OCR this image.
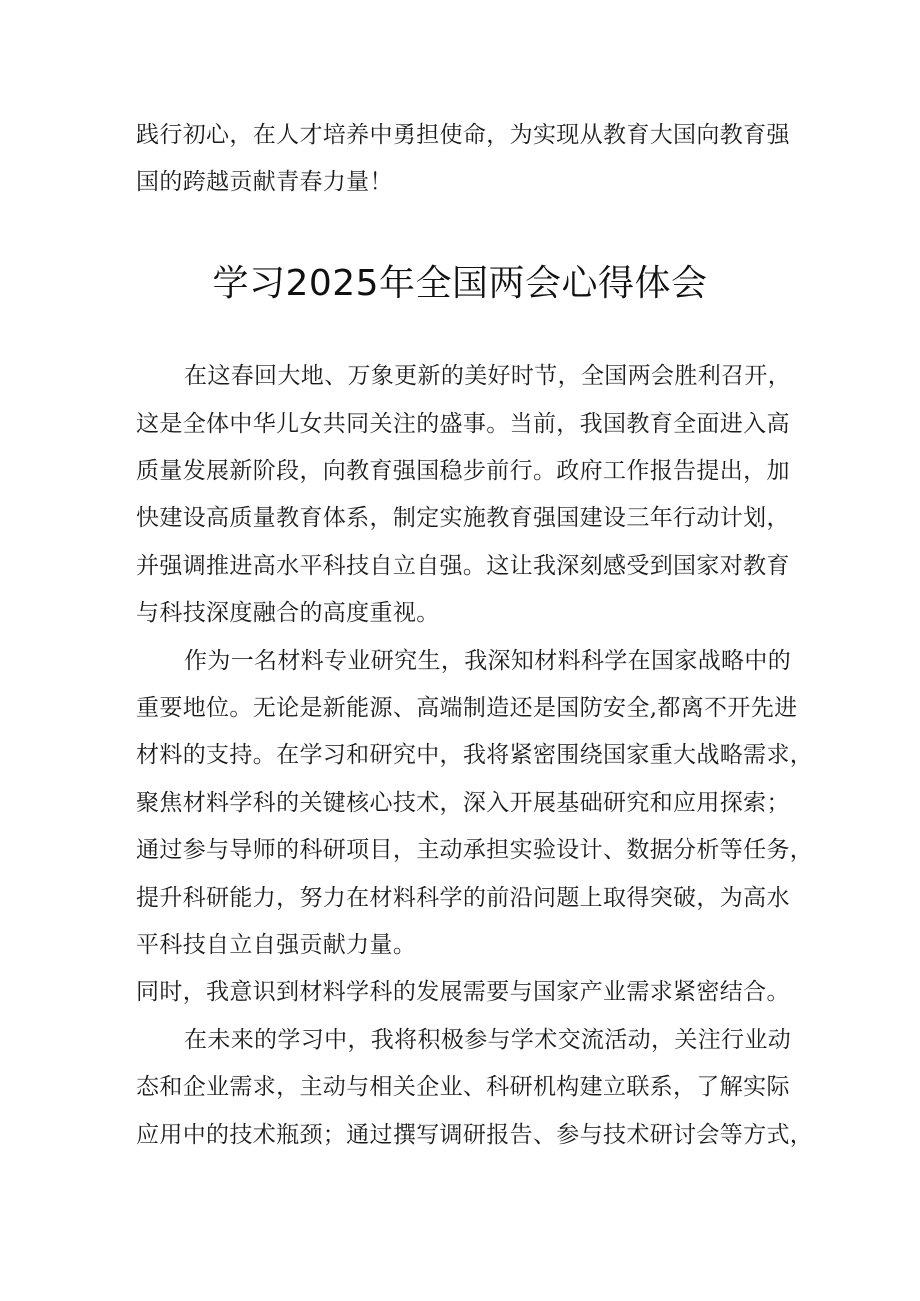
践行初心，在人才培养中勇担使命，为实现从教育大国向教育强
国的跨越贡献青春力量！
学习2025年全国两会心得体会
在这春回大地、万象更新的美好时节，全国两会胜利召开，
这是全体中华儿女共同关注的盛事。当前，我国教育全面进入高
质量发展新阶段，向教育强国稳步前行。政府工作报告提出，加
快建设高质量教育体系，制定实施教育强国建设三年行动计划，
并强调推进高水平科技自立自强。这让我深刻感受到国家对教育
与科技深度融合的高度重视。
作为一名材料专业研究生，我深知材料科学在国家战略中的
重要地位。无论是新能源、高端制造还是国防安全,都离不开先进
材料的支持。在学习和研究中，我将紧密围绕国家重大战略需求，
聚焦材料学科的关键核心技术，深入开展基础研究和应用探索；
通过参与导师的科研项目，主动承担实验设计、数据分析等任务，
提升科研能力，努力在材料科学的前沿问题上取得突破，为高水
平科技自立自强贡献力量。
同时，我意识到材料学科的发展需要与国家产业需求紧密结合。
在未来的学习中，我将积极参与学术交流活动，关注行业动
态和企业需求，主动与相关企业、科研机构建立联系，了解实际
应用中的技术瓶颈；通过撰写调研报告、参与技术研讨会等方式，
